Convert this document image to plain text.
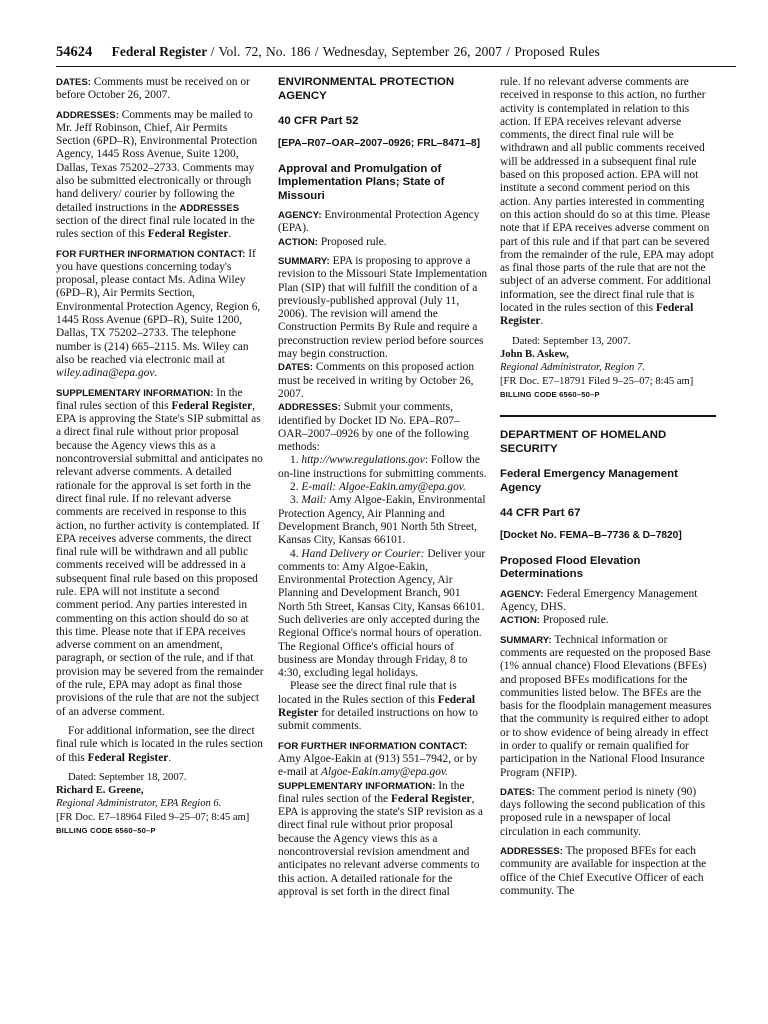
54624 Federal Register / Vol. 72, No. 186 / Wednesday, September 26, 2007 / Proposed Rules

DATES: Comments must be received on or before October 26, 2007.

ADDRESSES: Comments may be mailed to Mr. Jeff Robinson, Chief, Air Permits Section (6PD–R), Environmental Protection Agency, 1445 Ross Avenue, Suite 1200, Dallas, Texas 75202–2733. Comments may also be submitted electronically or through hand delivery/ courier by following the detailed instructions in the ADDRESSES section of the direct final rule located in the rules section of this Federal Register.

FOR FURTHER INFORMATION CONTACT: If you have questions concerning today's proposal, please contact Ms. Adina Wiley (6PD–R), Air Permits Section, Environmental Protection Agency, Region 6, 1445 Ross Avenue (6PD–R), Suite 1200, Dallas, TX 75202–2733. The telephone number is (214) 665–2115. Ms. Wiley can also be reached via electronic mail at wiley.adina@epa.gov.

SUPPLEMENTARY INFORMATION: In the final rules section of this Federal Register, EPA is approving the State's SIP submittal as a direct final rule without prior proposal because the Agency views this as a noncontroversial submittal and anticipates no relevant adverse comments. A detailed rationale for the approval is set forth in the direct final rule. If no relevant adverse comments are received in response to this action, no further activity is contemplated. If EPA receives adverse comments, the direct final rule will be withdrawn and all public comments received will be addressed in a subsequent final rule based on this proposed rule. EPA will not institute a second comment period. Any parties interested in commenting on this action should do so at this time. Please note that if EPA receives adverse comment on an amendment, paragraph, or section of the rule, and if that provision may be severed from the remainder of the rule, EPA may adopt as final those provisions of the rule that are not the subject of an adverse comment.

For additional information, see the direct final rule which is located in the rules section of this Federal Register.

Dated: September 18, 2007.

Richard E. Greene,

Regional Administrator, EPA Region 6.

[FR Doc. E7–18964 Filed 9–25–07; 8:45 am]

BILLING CODE 6560–50–P

ENVIRONMENTAL PROTECTION AGENCY

40 CFR Part 52

[EPA–R07–OAR–2007–0926; FRL–8471–8]

Approval and Promulgation of Implementation Plans; State of Missouri

AGENCY: Environmental Protection Agency (EPA).

ACTION: Proposed rule.

SUMMARY: EPA is proposing to approve a revision to the Missouri State Implementation Plan (SIP) that will fulfill the condition of a previously-published approval (July 11, 2006). The revision will amend the Construction Permits By Rule and require a preconstruction review period before sources may begin construction.

DATES: Comments on this proposed action must be received in writing by October 26, 2007.

ADDRESSES: Submit your comments, identified by Docket ID No. EPA–R07–OAR–2007–0926 by one of the following methods:

1. http://www.regulations.gov: Follow the on-line instructions for submitting comments.

2. E-mail: Algoe-Eakin.amy@epa.gov.

3. Mail: Amy Algoe-Eakin, Environmental Protection Agency, Air Planning and Development Branch, 901 North 5th Street, Kansas City, Kansas 66101.

4. Hand Delivery or Courier: Deliver your comments to: Amy Algoe-Eakin, Environmental Protection Agency, Air Planning and Development Branch, 901 North 5th Street, Kansas City, Kansas 66101. Such deliveries are only accepted during the Regional Office's normal hours of operation. The Regional Office's official hours of business are Monday through Friday, 8 to 4:30, excluding legal holidays.

Please see the direct final rule that is located in the Rules section of this Federal Register for detailed instructions on how to submit comments.

FOR FURTHER INFORMATION CONTACT: Amy Algoe-Eakin at (913) 551–7942, or by e-mail at Algoe-Eakin.amy@epa.gov.

SUPPLEMENTARY INFORMATION: In the final rules section of the Federal Register, EPA is approving the state's SIP revision as a direct final rule without prior proposal because the Agency views this as a noncontroversial revision amendment and anticipates no relevant adverse comments to this action. A detailed rationale for the approval is set forth in the direct final

rule. If no relevant adverse comments are received in response to this action, no further activity is contemplated in relation to this action. If EPA receives relevant adverse comments, the direct final rule will be withdrawn and all public comments received will be addressed in a subsequent final rule based on this proposed action. EPA will not institute a second comment period on this action. Any parties interested in commenting on this action should do so at this time. Please note that if EPA receives adverse comment on part of this rule and if that part can be severed from the remainder of the rule, EPA may adopt as final those parts of the rule that are not the subject of an adverse comment. For additional information, see the direct final rule that is located in the rules section of this Federal Register.

Dated: September 13, 2007.

John B. Askew,

Regional Administrator, Region 7.

[FR Doc. E7–18791 Filed 9–25–07; 8:45 am]

BILLING CODE 6560–50–P

DEPARTMENT OF HOMELAND SECURITY

Federal Emergency Management Agency

44 CFR Part 67

[Docket No. FEMA–B–7736 & D–7820]

Proposed Flood Elevation Determinations

AGENCY: Federal Emergency Management Agency, DHS.

ACTION: Proposed rule.

SUMMARY: Technical information or comments are requested on the proposed Base (1% annual chance) Flood Elevations (BFEs) and proposed BFEs modifications for the communities listed below. The BFEs are the basis for the floodplain management measures that the community is required either to adopt or to show evidence of being already in effect in order to qualify or remain qualified for participation in the National Flood Insurance Program (NFIP).

DATES: The comment period is ninety (90) days following the second publication of this proposed rule in a newspaper of local circulation in each community.

ADDRESSES: The proposed BFEs for each community are available for inspection at the office of the Chief Executive Officer of each community. The
